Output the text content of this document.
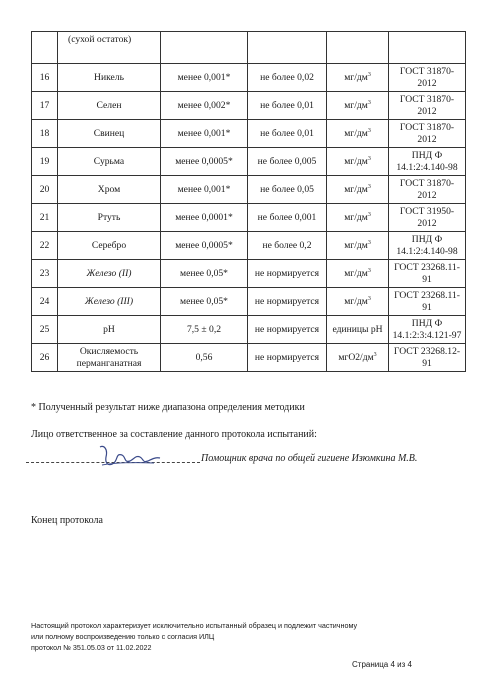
	(сухой остаток)				
16	Никель	менее 0,001*	не более 0,02	$мг/дм^3$	ГОСТ 31870-2012
17	Селен	менее 0,002*	не более 0,01	$мг/дм^3$	ГОСТ 31870-2012
18	Свинец	менее 0,001*	не более 0,01	$мг/дм^3$	ГОСТ 31870-2012
19	Сурьма	менее 0,0005*	не более 0,005	$мг/дм^3$	ПНД Ф 14.1:2:4.140-98
20	Хром	менее 0,001*	не более 0,05	$мг/дм^3$	ГОСТ 31870-2012
21	Ртуть	менее 0,0001*	не более 0,001	$мг/дм^3$	ГОСТ 31950-2012
22	Серебро	менее 0,0005*	не более 0,2	$мг/дм^3$	ПНД Ф 14.1:2:4.140-98
23	Железо (II)	менее 0,05*	не нормируется	$мг/дм^3$	ГОСТ 23268.11-91
24	Железо (III)	менее 0,05*	не нормируется	$мг/дм^3$	ГОСТ 23268.11-91
25	pH	7,5 ± 0,2	не нормируется	единицы pH	ПНД Ф 14.1:2:3:4.121-97
26	Окисляемость перманганатная	0,56	не нормируется	$мгО2/дм^3$	ГОСТ 23268.12-91
* Полученный результат ниже диапазона определения методики
Лицо ответственное за составление данного протокола испытаний:
Помощник врача по общей гигиене Изюмкина М.В.
Конец протокола
Настоящий протокол характеризует исключительно испытанный образец и подлежит частичному
или полному воспроизведению только с согласия ИЛЦ
протокол № 351.05.03 от 11.02.2022
Страница 4 из 4
